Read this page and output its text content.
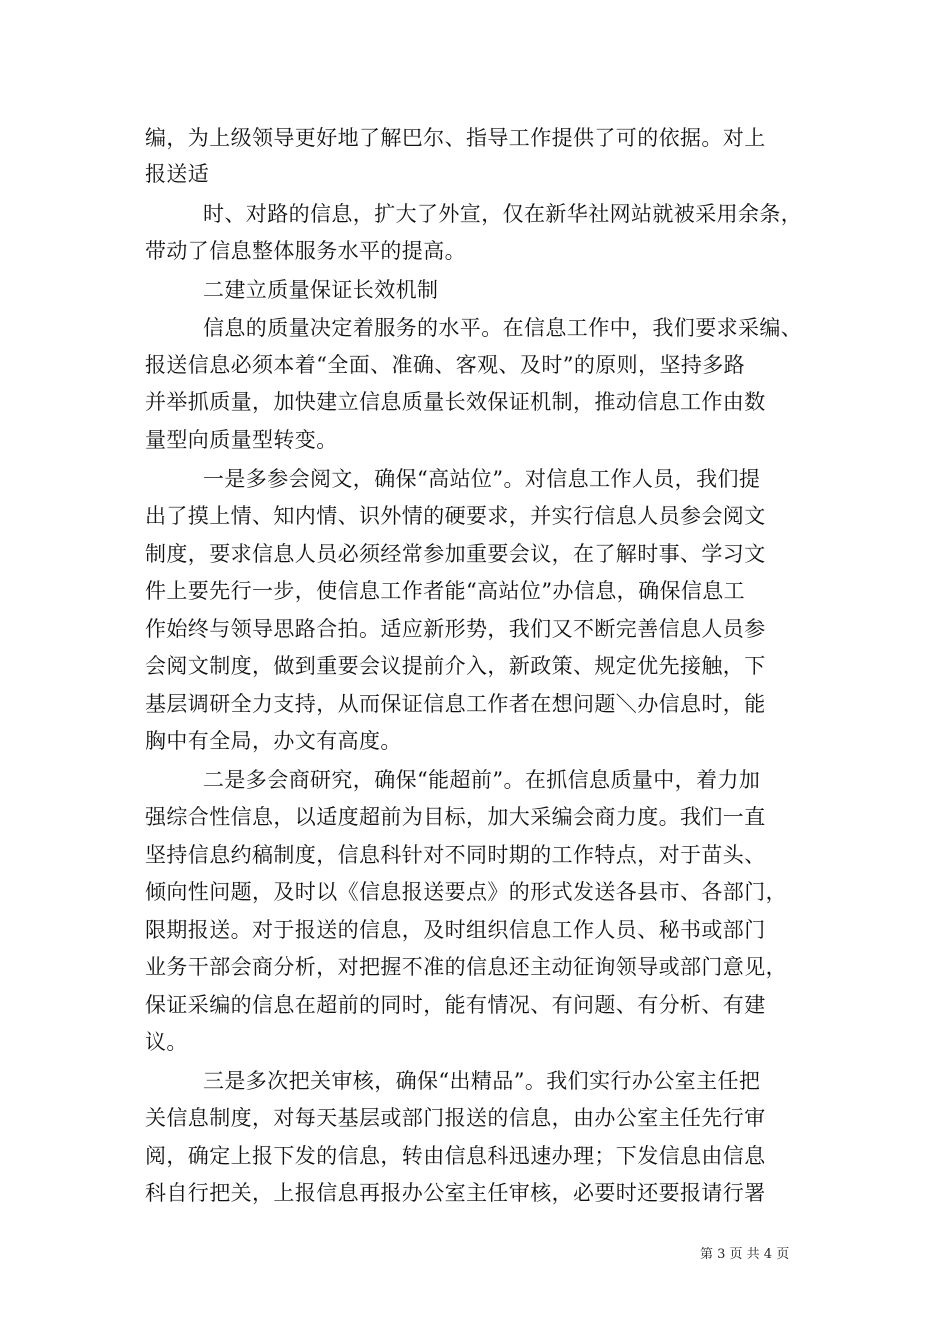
编，为上级领导更好地了解巴尔、指导工作提供了可的依据。对上
报送适
时、对路的信息，扩大了外宣，仅在新华社网站就被采用余条，
带动了信息整体服务水平的提高。
二建立质量保证长效机制
信息的质量决定着服务的水平。在信息工作中，我们要求采编、
报送信息必须本着“全面、准确、客观、及时”的原则，坚持多路
并举抓质量，加快建立信息质量长效保证机制，推动信息工作由数
量型向质量型转变。
一是多参会阅文，确保“高站位”。对信息工作人员，我们提
出了摸上情、知内情、识外情的硬要求，并实行信息人员参会阅文
制度，要求信息人员必须经常参加重要会议，在了解时事、学习文
件上要先行一步，使信息工作者能“高站位”办信息，确保信息工
作始终与领导思路合拍。适应新形势，我们又不断完善信息人员参
会阅文制度，做到重要会议提前介入，新政策、规定优先接触，下
基层调研全力支持，从而保证信息工作者在想问题＼办信息时，能
胸中有全局，办文有高度。
二是多会商研究，确保“能超前”。在抓信息质量中，着力加
强综合性信息，以适度超前为目标，加大采编会商力度。我们一直
坚持信息约稿制度，信息科针对不同时期的工作特点，对于苗头、
倾向性问题，及时以《信息报送要点》的形式发送各县市、各部门，
限期报送。对于报送的信息，及时组织信息工作人员、秘书或部门
业务干部会商分析，对把握不准的信息还主动征询领导或部门意见，
保证采编的信息在超前的同时，能有情况、有问题、有分析、有建
议。
三是多次把关审核，确保“出精品”。我们实行办公室主任把
关信息制度，对每天基层或部门报送的信息，由办公室主任先行审
阅，确定上报下发的信息，转由信息科迅速办理；下发信息由信息
科自行把关，上报信息再报办公室主任审核，必要时还要报请行署
第 3 页 共 4 页
